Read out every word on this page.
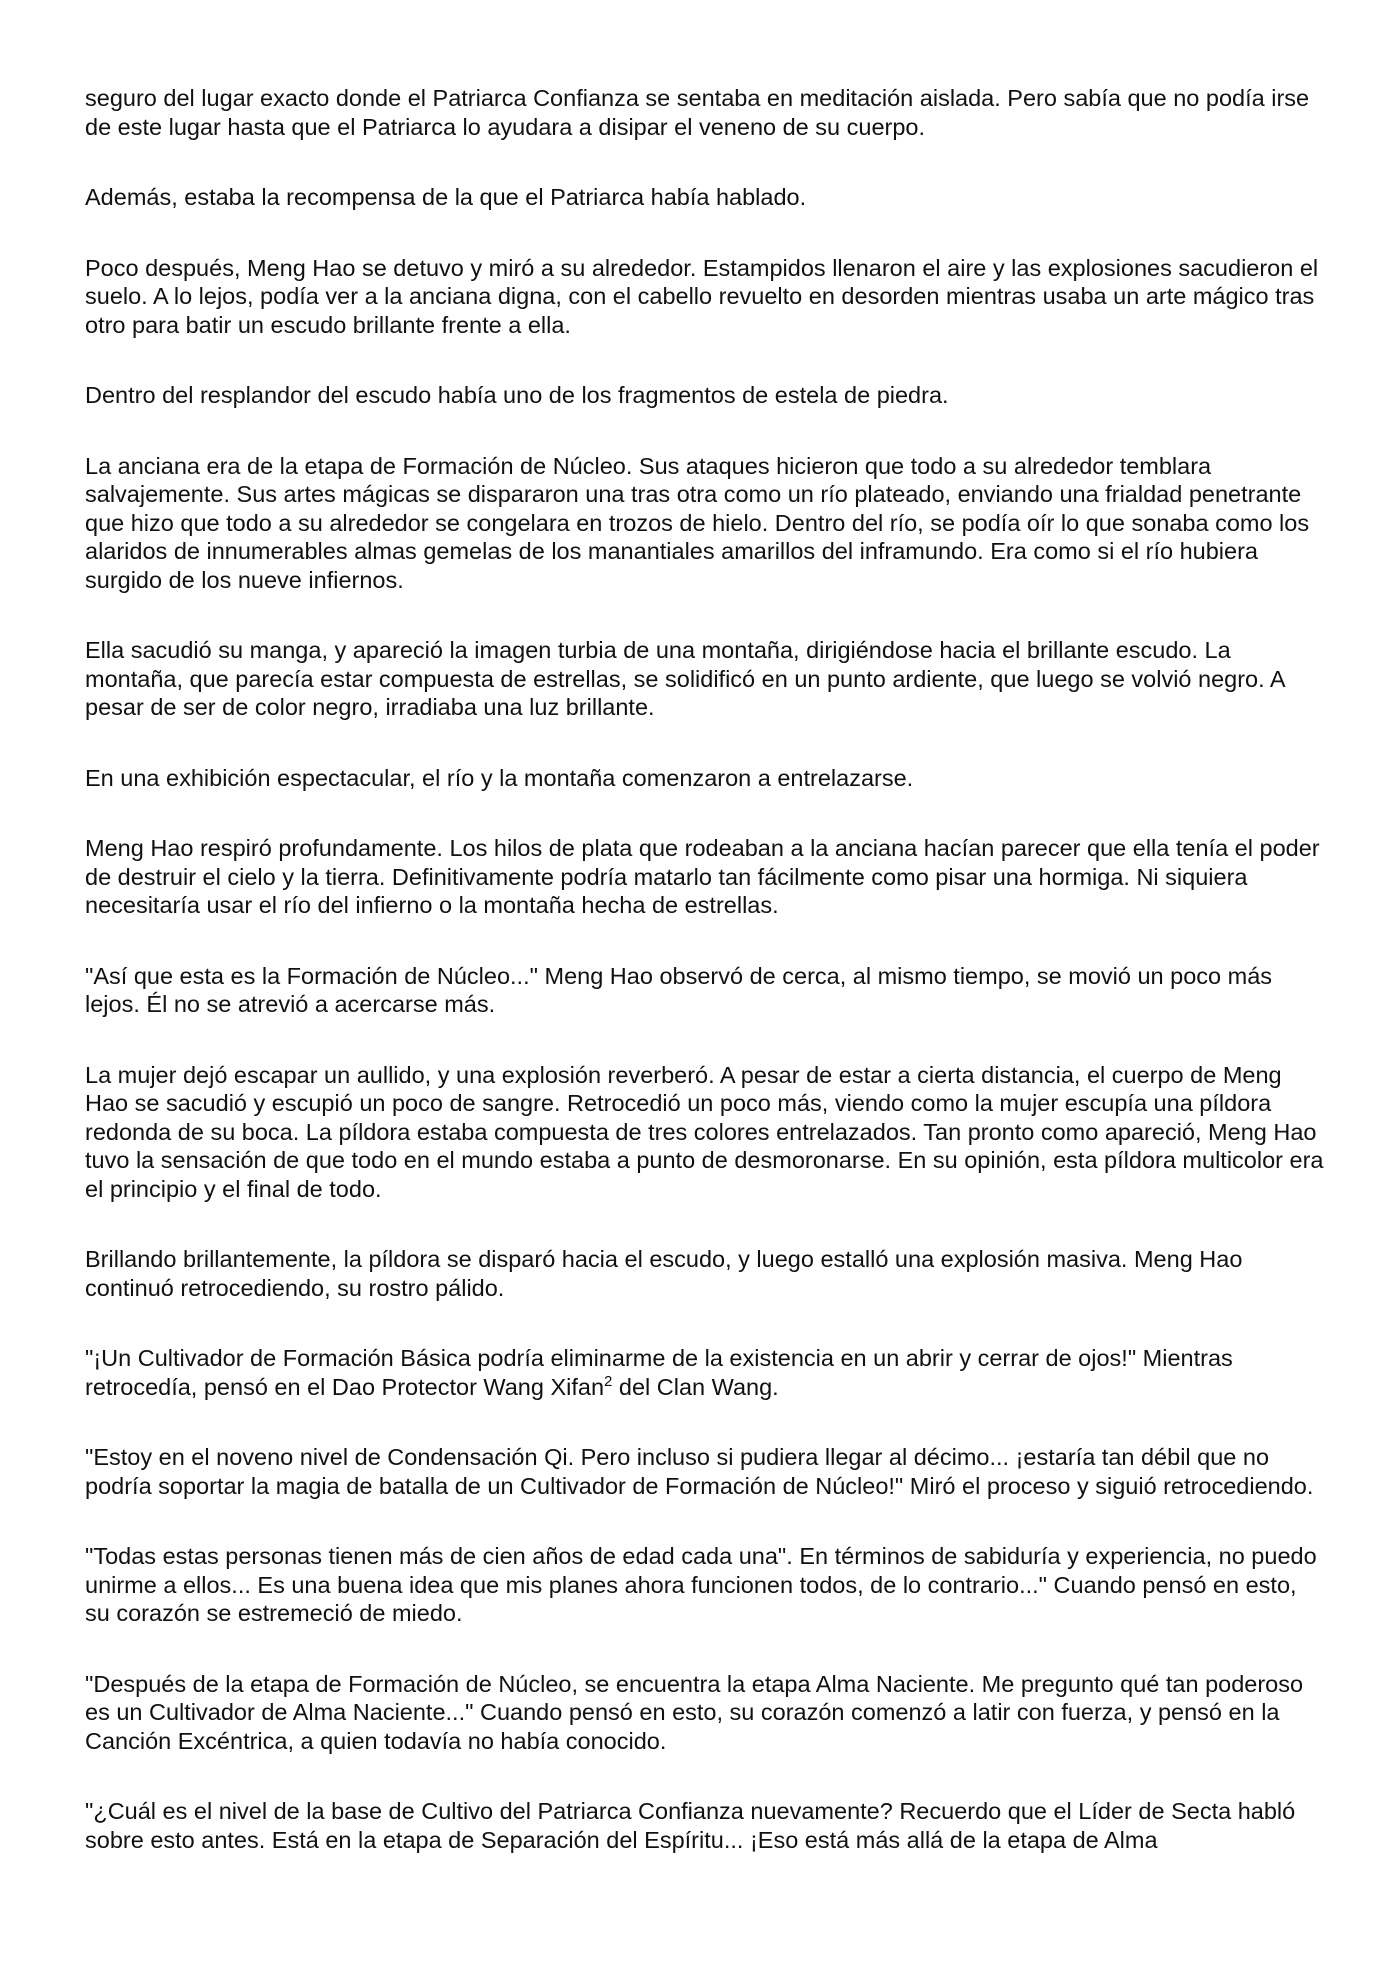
seguro del lugar exacto donde el Patriarca Confianza se sentaba en meditación aislada. Pero sabía que no podía irse de este lugar hasta que el Patriarca lo ayudara a disipar el veneno de su cuerpo.

Además, estaba la recompensa de la que el Patriarca había hablado.

Poco después, Meng Hao se detuvo y miró a su alrededor. Estampidos llenaron el aire y las explosiones sacudieron el suelo. A lo lejos, podía ver a la anciana digna, con el cabello revuelto en desorden mientras usaba un arte mágico tras otro para batir un escudo brillante frente a ella.

Dentro del resplandor del escudo había uno de los fragmentos de estela de piedra.

La anciana era de la etapa de Formación de Núcleo. Sus ataques hicieron que todo a su alrededor temblara salvajemente. Sus artes mágicas se dispararon una tras otra como un río plateado, enviando una frialdad penetrante que hizo que todo a su alrededor se congelara en trozos de hielo. Dentro del río, se podía oír lo que sonaba como los alaridos de innumerables almas gemelas de los manantiales amarillos del inframundo. Era como si el río hubiera surgido de los nueve infiernos.

Ella sacudió su manga, y apareció la imagen turbia de una montaña, dirigiéndose hacia el brillante escudo. La montaña, que parecía estar compuesta de estrellas, se solidificó en un punto ardiente, que luego se volvió negro. A pesar de ser de color negro, irradiaba una luz brillante.

En una exhibición espectacular, el río y la montaña comenzaron a entrelazarse.

Meng Hao respiró profundamente. Los hilos de plata que rodeaban a la anciana hacían parecer que ella tenía el poder de destruir el cielo y la tierra. Definitivamente podría matarlo tan fácilmente como pisar una hormiga. Ni siquiera necesitaría usar el río del infierno o la montaña hecha de estrellas.

"Así que esta es la Formación de Núcleo..." Meng Hao observó de cerca, al mismo tiempo, se movió un poco más lejos. Él no se atrevió a acercarse más.

La mujer dejó escapar un aullido, y una explosión reverberó. A pesar de estar a cierta distancia, el cuerpo de Meng Hao se sacudió y escupió un poco de sangre. Retrocedió un poco más, viendo como la mujer escupía una píldora redonda de su boca. La píldora estaba compuesta de tres colores entrelazados. Tan pronto como apareció, Meng Hao tuvo la sensación de que todo en el mundo estaba a punto de desmoronarse. En su opinión, esta píldora multicolor era el principio y el final de todo.

Brillando brillantemente, la píldora se disparó hacia el escudo, y luego estalló una explosión masiva. Meng Hao continuó retrocediendo, su rostro pálido.

"¡Un Cultivador de Formación Básica podría eliminarme de la existencia en un abrir y cerrar de ojos!" Mientras retrocedía, pensó en el Dao Protector Wang Xifan$^2$ del Clan Wang.

"Estoy en el noveno nivel de Condensación Qi. Pero incluso si pudiera llegar al décimo... ¡estaría tan débil que no podría soportar la magia de batalla de un Cultivador de Formación de Núcleo!" Miró el proceso y siguió retrocediendo.

"Todas estas personas tienen más de cien años de edad cada una". En términos de sabiduría y experiencia, no puedo unirme a ellos... Es una buena idea que mis planes ahora funcionen todos, de lo contrario..." Cuando pensó en esto, su corazón se estremeció de miedo.

"Después de la etapa de Formación de Núcleo, se encuentra la etapa Alma Naciente. Me pregunto qué tan poderoso es un Cultivador de Alma Naciente..." Cuando pensó en esto, su corazón comenzó a latir con fuerza, y pensó en la Canción Excéntrica, a quien todavía no había conocido.

"¿Cuál es el nivel de la base de Cultivo del Patriarca Confianza nuevamente? Recuerdo que el Líder de Secta habló sobre esto antes. Está en la etapa de Separación del Espíritu... ¡Eso está más allá de la etapa de Alma
